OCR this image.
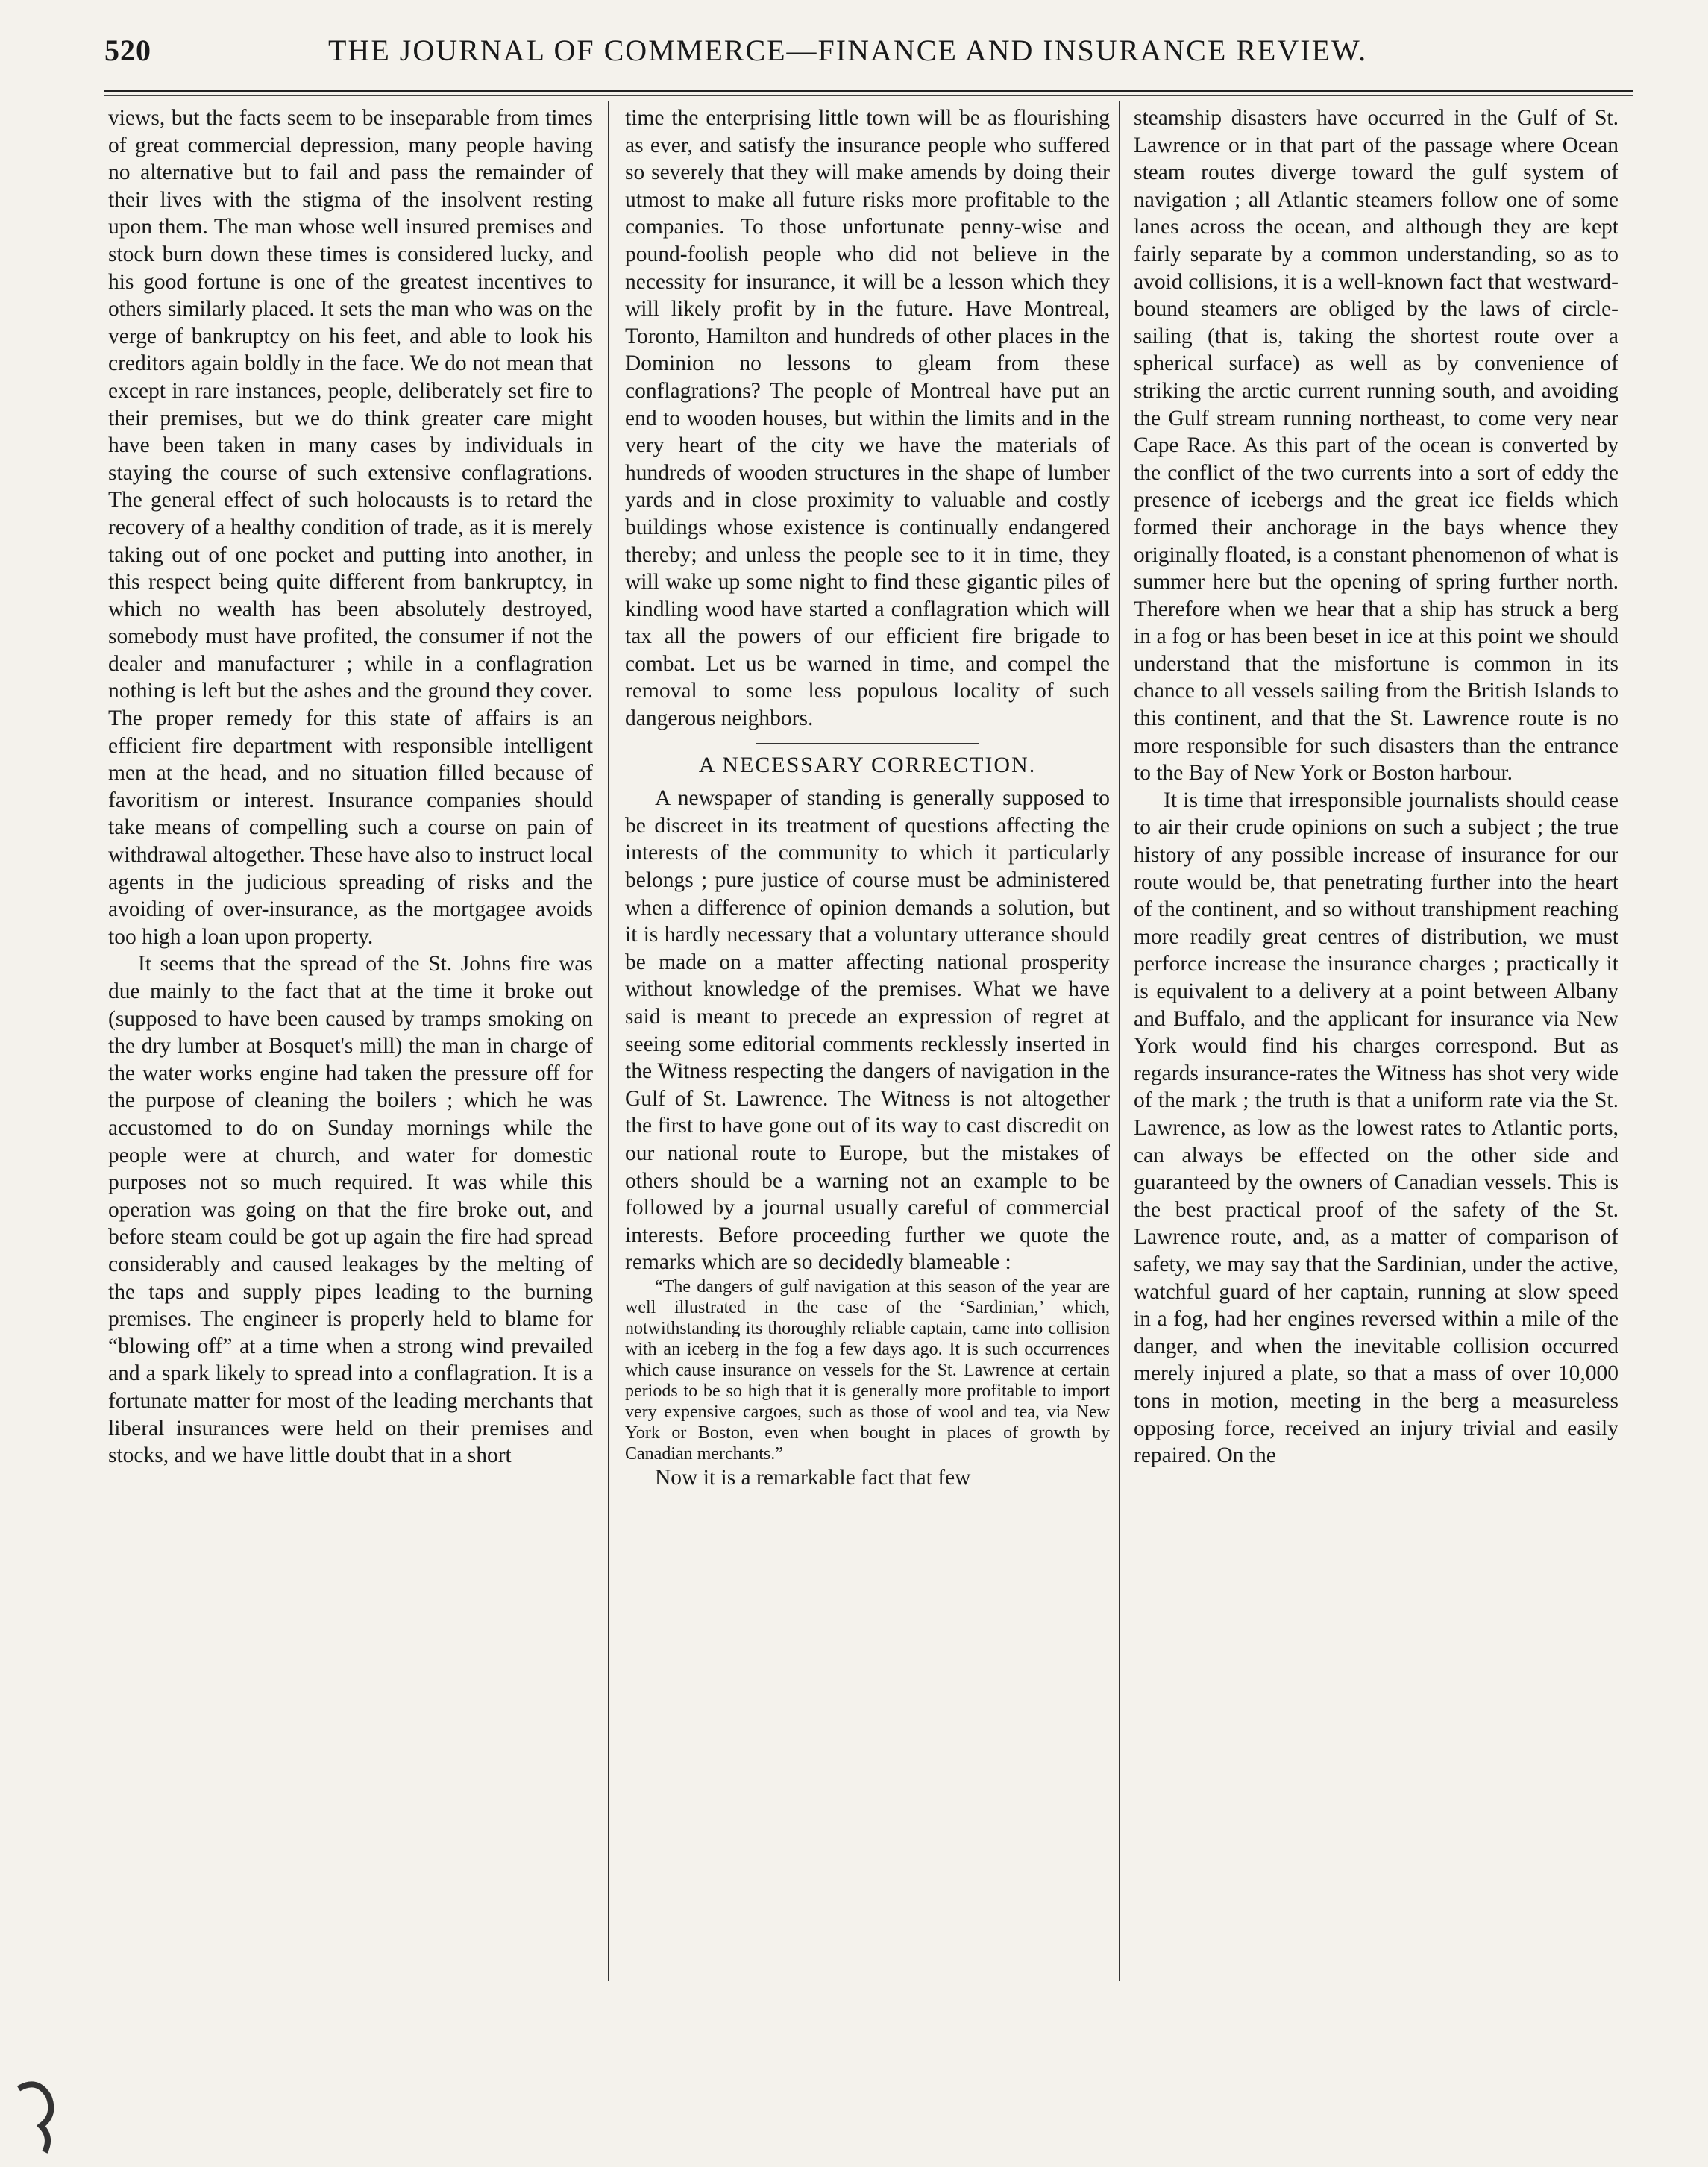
520	THE JOURNAL OF COMMERCE—FINANCE AND INSURANCE REVIEW.

views, but the facts seem to be inseparable from times of great commercial depression, many people having no alternative but to fail and pass the remainder of their lives with the stigma of the insolvent resting upon them. The man whose well insured premises and stock burn down these times is considered lucky, and his good fortune is one of the greatest incentives to others similarly placed. It sets the man who was on the verge of bankruptcy on his feet, and able to look his creditors again boldly in the face. We do not mean that except in rare instances, people, deliberately set fire to their premises, but we do think greater care might have been taken in many cases by individuals in staying the course of such extensive conflagrations. The general effect of such holocausts is to retard the recovery of a healthy condition of trade, as it is merely taking out of one pocket and putting into another, in this respect being quite different from bankruptcy, in which no wealth has been absolutely destroyed, somebody must have profited, the consumer if not the dealer and manufacturer ; while in a conflagration nothing is left but the ashes and the ground they cover. The proper remedy for this state of affairs is an efficient fire department with responsible intelligent men at the head, and no situation filled because of favoritism or interest. Insurance companies should take means of compelling such a course on pain of withdrawal altogether. These have also to instruct local agents in the judicious spreading of risks and the avoiding of over-insurance, as the mortgagee avoids too high a loan upon property.

It seems that the spread of the St. Johns fire was due mainly to the fact that at the time it broke out (supposed to have been caused by tramps smoking on the dry lumber at Bosquet's mill) the man in charge of the water works engine had taken the pressure off for the purpose of cleaning the boilers ; which he was accustomed to do on Sunday mornings while the people were at church, and water for domestic purposes not so much required. It was while this operation was going on that the fire broke out, and before steam could be got up again the fire had spread considerably and caused leakages by the melting of the taps and supply pipes leading to the burning premises. The engineer is properly held to blame for “blowing off” at a time when a strong wind prevailed and a spark likely to spread into a conflagration. It is a fortunate matter for most of the leading merchants that liberal insurances were held on their premises and stocks, and we have little doubt that in a short

time the enterprising little town will be as flourishing as ever, and satisfy the insurance people who suffered so severely that they will make amends by doing their utmost to make all future risks more profitable to the companies. To those unfortunate penny-wise and pound-foolish people who did not believe in the necessity for insurance, it will be a lesson which they will likely profit by in the future. Have Montreal, Toronto, Hamilton and hundreds of other places in the Dominion no lessons to gleam from these conflagrations? The people of Montreal have put an end to wooden houses, but within the limits and in the very heart of the city we have the materials of hundreds of wooden structures in the shape of lumber yards and in close proximity to valuable and costly buildings whose existence is continually endangered thereby; and unless the people see to it in time, they will wake up some night to find these gigantic piles of kindling wood have started a conflagration which will tax all the powers of our efficient fire brigade to combat. Let us be warned in time, and compel the removal to some less populous locality of such dangerous neighbors.

A NECESSARY CORRECTION.

A newspaper of standing is generally supposed to be discreet in its treatment of questions affecting the interests of the community to which it particularly belongs ; pure justice of course must be administered when a difference of opinion demands a solution, but it is hardly necessary that a voluntary utterance should be made on a matter affecting national prosperity without knowledge of the premises. What we have said is meant to precede an expression of regret at seeing some editorial comments recklessly inserted in the Witness respecting the dangers of navigation in the Gulf of St. Lawrence. The Witness is not altogether the first to have gone out of its way to cast discredit on our national route to Europe, but the mistakes of others should be a warning not an example to be followed by a journal usually careful of commercial interests. Before proceeding further we quote the remarks which are so decidedly blameable :

“The dangers of gulf navigation at this season of the year are well illustrated in the case of the ‘Sardinian,’ which, notwithstanding its thoroughly reliable captain, came into collision with an iceberg in the fog a few days ago. It is such occurrences which cause insurance on vessels for the St. Lawrence at certain periods to be so high that it is generally more profitable to import very expensive cargoes, such as those of wool and tea, via New York or Boston, even when bought in places of growth by Canadian merchants.”

Now it is a remarkable fact that few

steamship disasters have occurred in the Gulf of St. Lawrence or in that part of the passage where Ocean steam routes diverge toward the gulf system of navigation ; all Atlantic steamers follow one of some lanes across the ocean, and although they are kept fairly separate by a common understanding, so as to avoid collisions, it is a well-known fact that westward-bound steamers are obliged by the laws of circle-sailing (that is, taking the shortest route over a spherical surface) as well as by convenience of striking the arctic current running south, and avoiding the Gulf stream running northeast, to come very near Cape Race. As this part of the ocean is converted by the conflict of the two currents into a sort of eddy the presence of icebergs and the great ice fields which formed their anchorage in the bays whence they originally floated, is a constant phenomenon of what is summer here but the opening of spring further north. Therefore when we hear that a ship has struck a berg in a fog or has been beset in ice at this point we should understand that the misfortune is common in its chance to all vessels sailing from the British Islands to this continent, and that the St. Lawrence route is no more responsible for such disasters than the entrance to the Bay of New York or Boston harbour.

It is time that irresponsible journalists should cease to air their crude opinions on such a subject ; the true history of any possible increase of insurance for our route would be, that penetrating further into the heart of the continent, and so without transhipment reaching more readily great centres of distribution, we must perforce increase the insurance charges ; practically it is equivalent to a delivery at a point between Albany and Buffalo, and the applicant for insurance via New York would find his charges correspond. But as regards insurance-rates the Witness has shot very wide of the mark ; the truth is that a uniform rate via the St. Lawrence, as low as the lowest rates to Atlantic ports, can always be effected on the other side and guaranteed by the owners of Canadian vessels. This is the best practical proof of the safety of the St. Lawrence route, and, as a matter of comparison of safety, we may say that the Sardinian, under the active, watchful guard of her captain, running at slow speed in a fog, had her engines reversed within a mile of the danger, and when the inevitable collision occurred merely injured a plate, so that a mass of over 10,000 tons in motion, meeting in the berg a measureless opposing force, received an injury trivial and easily repaired. On the
